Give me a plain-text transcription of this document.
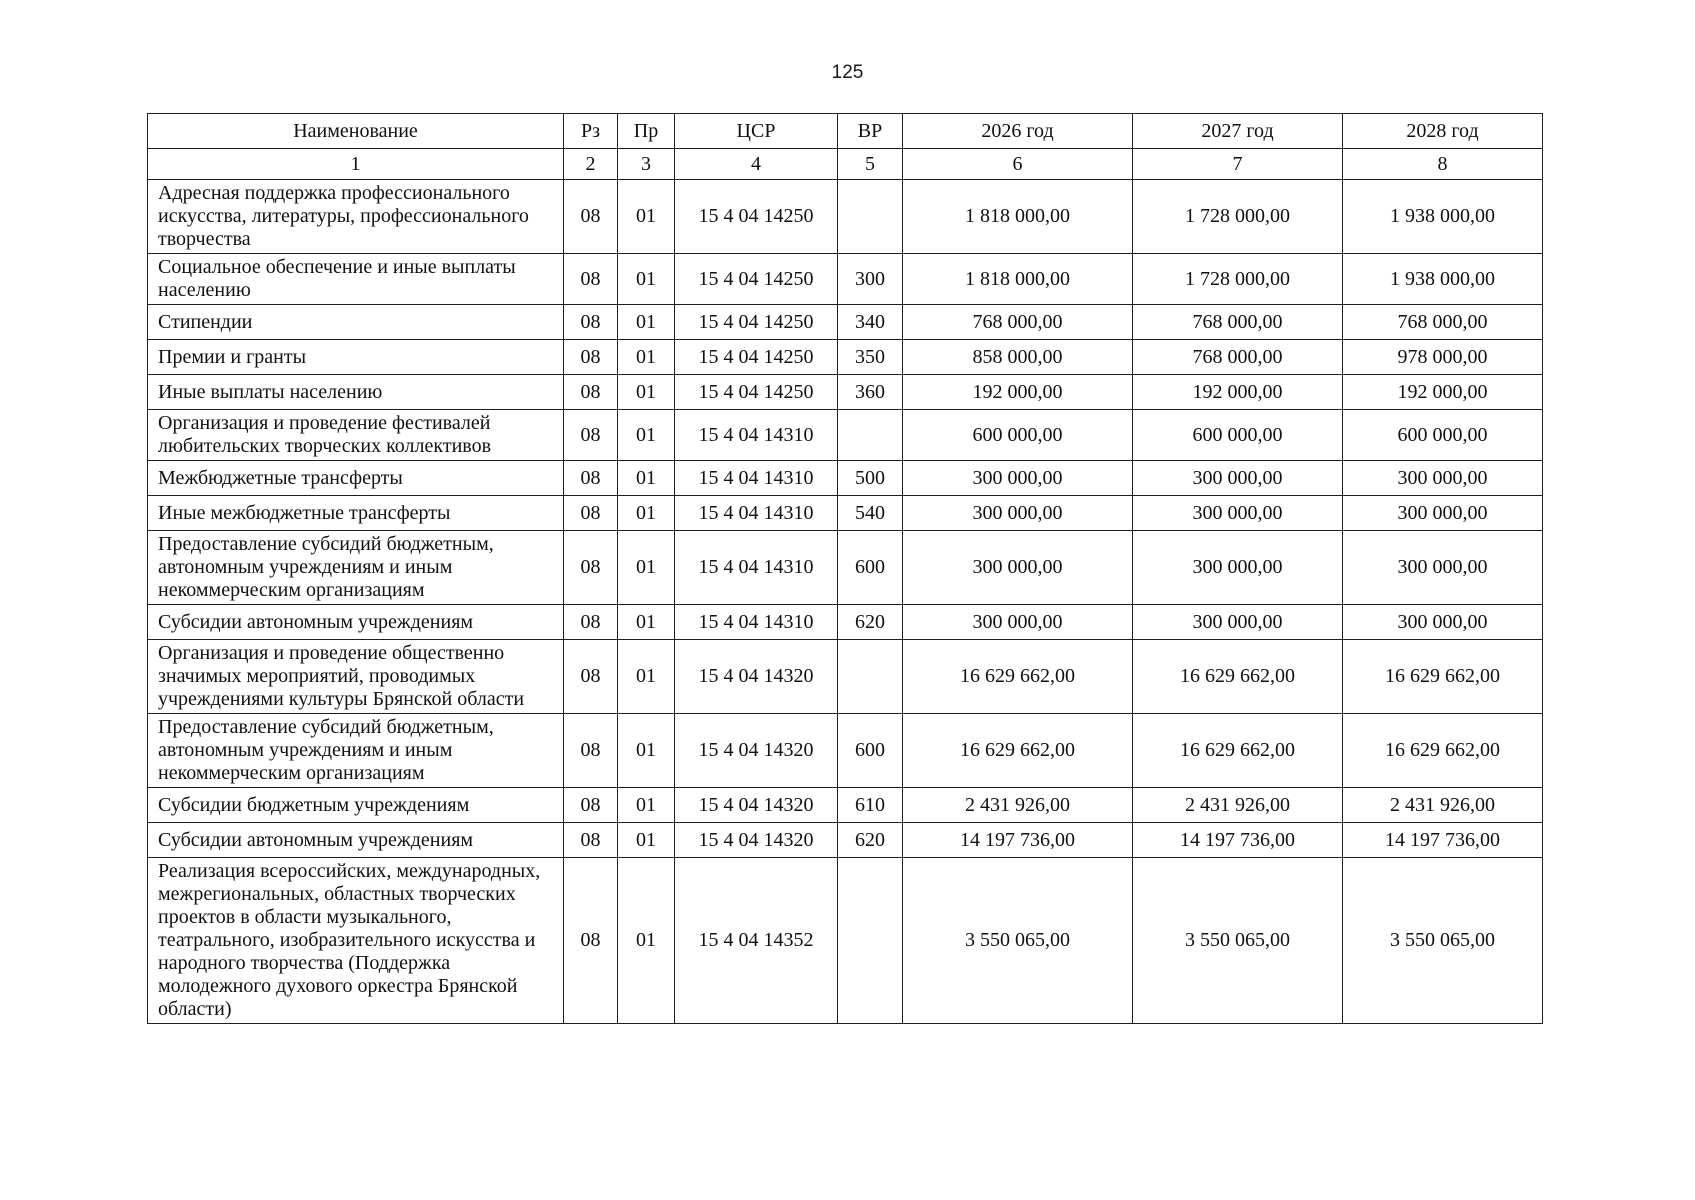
125
Наименование	Рз	Пр	ЦСР	ВР	2026 год	2027 год	2028 год
1	2	3	4	5	6	7	8
Адресная поддержка профессионального искусства, литературы, профессионального творчества	08	01	15 4 04 14250		1 818 000,00	1 728 000,00	1 938 000,00
Социальное обеспечение и иные выплаты населению	08	01	15 4 04 14250	300	1 818 000,00	1 728 000,00	1 938 000,00
Стипендии	08	01	15 4 04 14250	340	768 000,00	768 000,00	768 000,00
Премии и гранты	08	01	15 4 04 14250	350	858 000,00	768 000,00	978 000,00
Иные выплаты населению	08	01	15 4 04 14250	360	192 000,00	192 000,00	192 000,00
Организация и проведение фестивалей любительских творческих коллективов	08	01	15 4 04 14310		600 000,00	600 000,00	600 000,00
Межбюджетные трансферты	08	01	15 4 04 14310	500	300 000,00	300 000,00	300 000,00
Иные межбюджетные трансферты	08	01	15 4 04 14310	540	300 000,00	300 000,00	300 000,00
Предоставление субсидий бюджетным, автономным учреждениям и иным некоммерческим организациям	08	01	15 4 04 14310	600	300 000,00	300 000,00	300 000,00
Субсидии автономным учреждениям	08	01	15 4 04 14310	620	300 000,00	300 000,00	300 000,00
Организация и проведение общественно значимых мероприятий, проводимых учреждениями культуры Брянской области	08	01	15 4 04 14320		16 629 662,00	16 629 662,00	16 629 662,00
Предоставление субсидий бюджетным, автономным учреждениям и иным некоммерческим организациям	08	01	15 4 04 14320	600	16 629 662,00	16 629 662,00	16 629 662,00
Субсидии бюджетным учреждениям	08	01	15 4 04 14320	610	2 431 926,00	2 431 926,00	2 431 926,00
Субсидии автономным учреждениям	08	01	15 4 04 14320	620	14 197 736,00	14 197 736,00	14 197 736,00
Реализация всероссийских, международных, межрегиональных, областных творческих проектов в области музыкального, театрального, изобразительного искусства и народного творчества (Поддержка молодежного духового оркестра Брянской области)	08	01	15 4 04 14352		3 550 065,00	3 550 065,00	3 550 065,00
